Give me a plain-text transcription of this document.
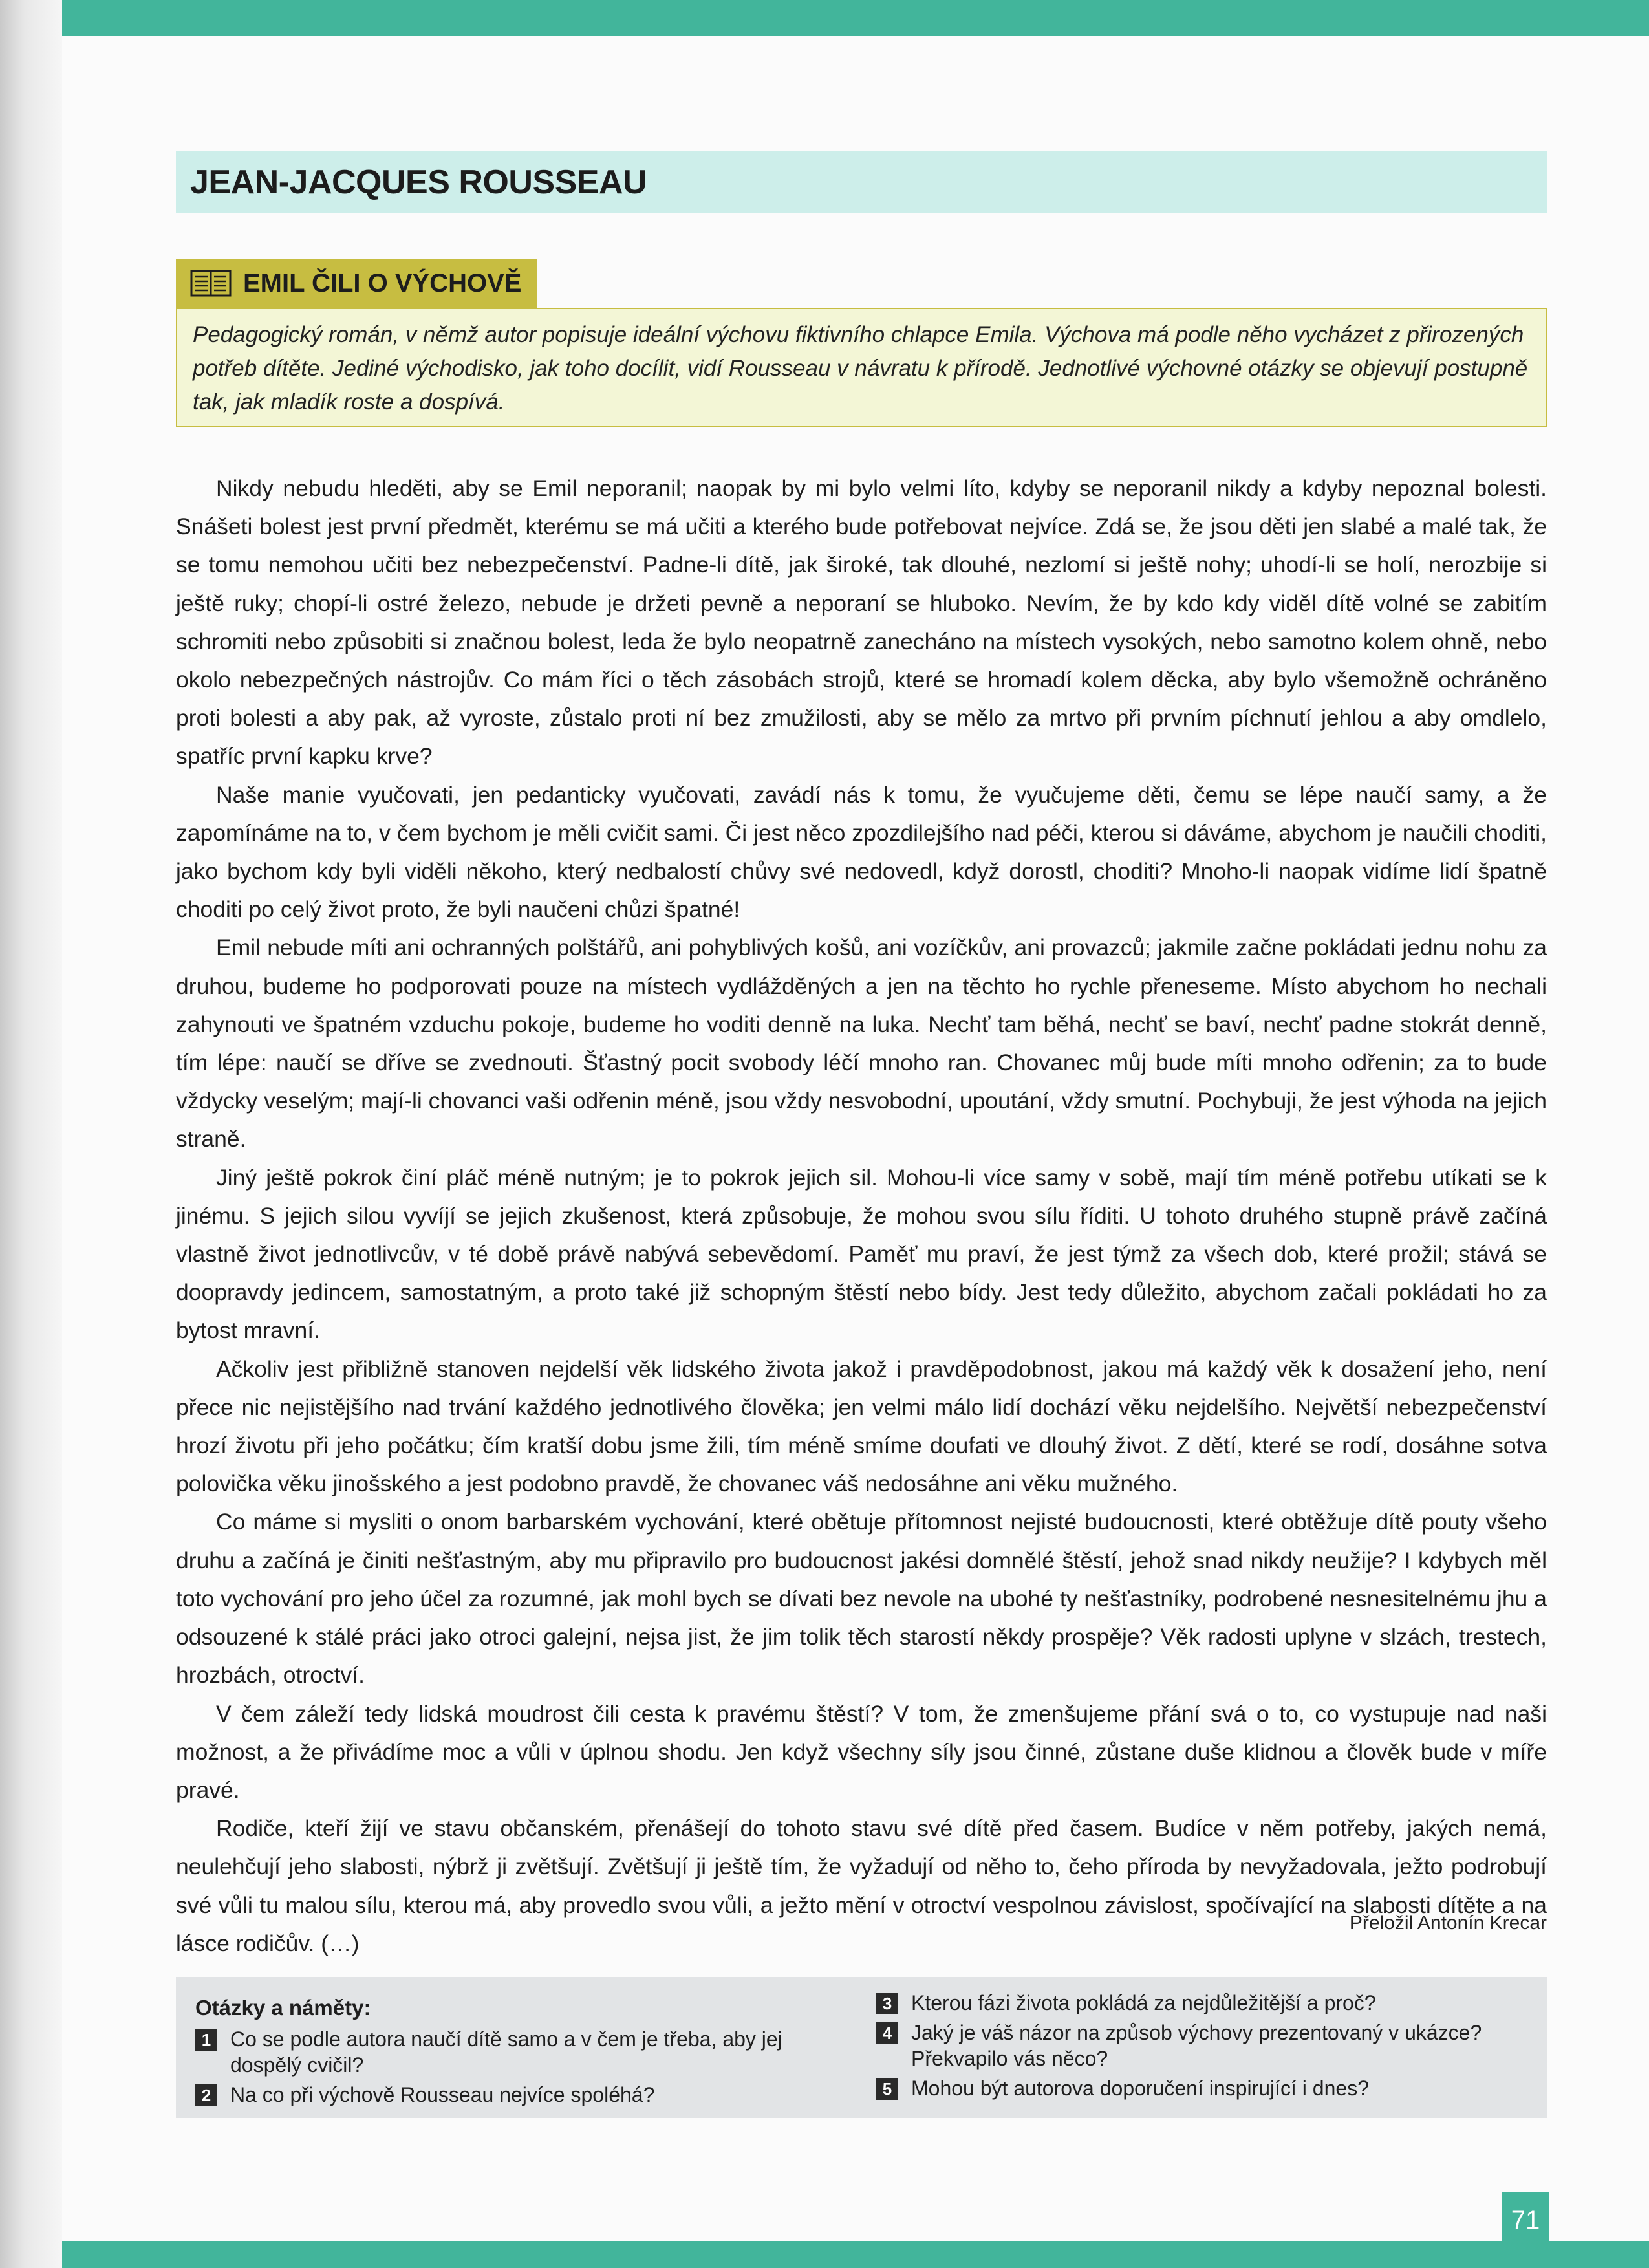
JEAN-JACQUES ROUSSEAU
EMIL ČILI O VÝCHOVĚ
Pedagogický román, v němž autor popisuje ideální výchovu fiktivního chlapce Emila. Výchova má podle něho vycházet z přirozených potřeb dítěte. Jediné východisko, jak toho docílit, vidí Rousseau v návratu k přírodě. Jednotlivé výchovné otázky se objevují postupně tak, jak mladík roste a dospívá.

Nikdy nebudu hleděti, aby se Emil neporanil; naopak by mi bylo velmi líto, kdyby se neporanil nikdy a kdyby nepoznal bolesti. Snášeti bolest jest první předmět, kterému se má učiti a kterého bude potřebovat nejvíce. Zdá se, že jsou děti jen slabé a malé tak, že se tomu nemohou učiti bez nebezpečenství. Padne-li dítě, jak široké, tak dlouhé, nezlomí si ještě nohy; uhodí-li se holí, nerozbije si ještě ruky; chopí-li ostré železo, nebude je držeti pevně a neporaní se hluboko. Nevím, že by kdo kdy viděl dítě volné se zabitím schromiti nebo způsobiti si značnou bolest, leda že bylo neopatrně zanecháno na místech vysokých, nebo samotno kolem ohně, nebo okolo nebezpečných nástrojův. Co mám říci o těch zásobách strojů, které se hromadí kolem děcka, aby bylo všemožně ochráněno proti bolesti a aby pak, až vyroste, zůstalo proti ní bez zmužilosti, aby se mělo za mrtvo při prvním píchnutí jehlou a aby omdlelo, spatříc první kapku krve?

Naše manie vyučovati, jen pedanticky vyučovati, zavádí nás k tomu, že vyučujeme děti, čemu se lépe naučí samy, a že zapomínáme na to, v čem bychom je měli cvičit sami. Či jest něco zpozdilejšího nad péči, kterou si dáváme, abychom je naučili choditi, jako bychom kdy byli viděli někoho, který nedbalostí chůvy své nedovedl, když dorostl, choditi? Mnoho-li naopak vidíme lidí špatně choditi po celý život proto, že byli naučeni chůzi špatné!

Emil nebude míti ani ochranných polštářů, ani pohyblivých košů, ani vozíčkův, ani provazců; jakmile začne pokládati jednu nohu za druhou, budeme ho podporovati pouze na místech vydlážděných a jen na těchto ho rychle přeneseme. Místo abychom ho nechali zahynouti ve špatném vzduchu pokoje, budeme ho voditi denně na luka. Nechť tam běhá, nechť se baví, nechť padne stokrát denně, tím lépe: naučí se dříve se zvednouti. Šťastný pocit svobody léčí mnoho ran. Chovanec můj bude míti mnoho odřenin; za to bude vždycky veselým; mají-li chovanci vaši odřenin méně, jsou vždy nesvobodní, upoutání, vždy smutní. Pochybuji, že jest výhoda na jejich straně.

Jiný ještě pokrok činí pláč méně nutným; je to pokrok jejich sil. Mohou-li více samy v sobě, mají tím méně potřebu utíkati se k jinému. S jejich silou vyvíjí se jejich zkušenost, která způsobuje, že mohou svou sílu říditi. U tohoto druhého stupně právě začíná vlastně život jednotlivcův, v té době právě nabývá sebevědomí. Paměť mu praví, že jest týmž za všech dob, které prožil; stává se doopravdy jedincem, samostatným, a proto také již schopným štěstí nebo bídy. Jest tedy důležito, abychom začali pokládati ho za bytost mravní.

Ačkoliv jest přibližně stanoven nejdelší věk lidského života jakož i pravděpodobnost, jakou má každý věk k dosažení jeho, není přece nic nejistějšího nad trvání každého jednotlivého člověka; jen velmi málo lidí dochází věku nejdelšího. Největší nebezpečenství hrozí životu při jeho počátku; čím kratší dobu jsme žili, tím méně smíme doufati ve dlouhý život. Z dětí, které se rodí, dosáhne sotva polovička věku jinošského a jest podobno pravdě, že chovanec váš nedosáhne ani věku mužného.

Co máme si mysliti o onom barbarském vychování, které obětuje přítomnost nejisté budoucnosti, které obtěžuje dítě pouty všeho druhu a začíná je činiti nešťastným, aby mu připravilo pro budoucnost jakési domnělé štěstí, jehož snad nikdy neužije? I kdybych měl toto vychování pro jeho účel za rozumné, jak mohl bych se dívati bez nevole na ubohé ty nešťastníky, podrobené nesnesitelnému jhu a odsouzené k stálé práci jako otroci galejní, nejsa jist, že jim tolik těch starostí někdy prospěje? Věk radosti uplyne v slzách, trestech, hrozbách, otroctví.

V čem záleží tedy lidská moudrost čili cesta k pravému štěstí? V tom, že zmenšujeme přání svá o to, co vystupuje nad naši možnost, a že přivádíme moc a vůli v úplnou shodu. Jen když všechny síly jsou činné, zůstane duše klidnou a člověk bude v míře pravé.

Rodiče, kteří žijí ve stavu občanském, přenášejí do tohoto stavu své dítě před časem. Budíce v něm potřeby, jakých nemá, neulehčují jeho slabosti, nýbrž ji zvětšují. Zvětšují ji ještě tím, že vyžadují od něho to, čeho příroda by nevyžadovala, ježto podrobují své vůli tu malou sílu, kterou má, aby provedlo svou vůli, a ježto mění v otroctví vespolnou závislost, spočívající na slabosti dítěte a na lásce rodičův. (…)

Přeložil Antonín Krecar
Otázky a náměty:
1 Co se podle autora naučí dítě samo a v čem je třeba, aby jej dospělý cvičil?
2 Na co při výchově Rousseau nejvíce spoléhá?
3 Kterou fázi života pokládá za nejdůležitější a proč?
4 Jaký je váš názor na způsob výchovy prezentovaný v ukázce? Překvapilo vás něco?
5 Mohou být autorova doporučení inspirující i dnes?
71
